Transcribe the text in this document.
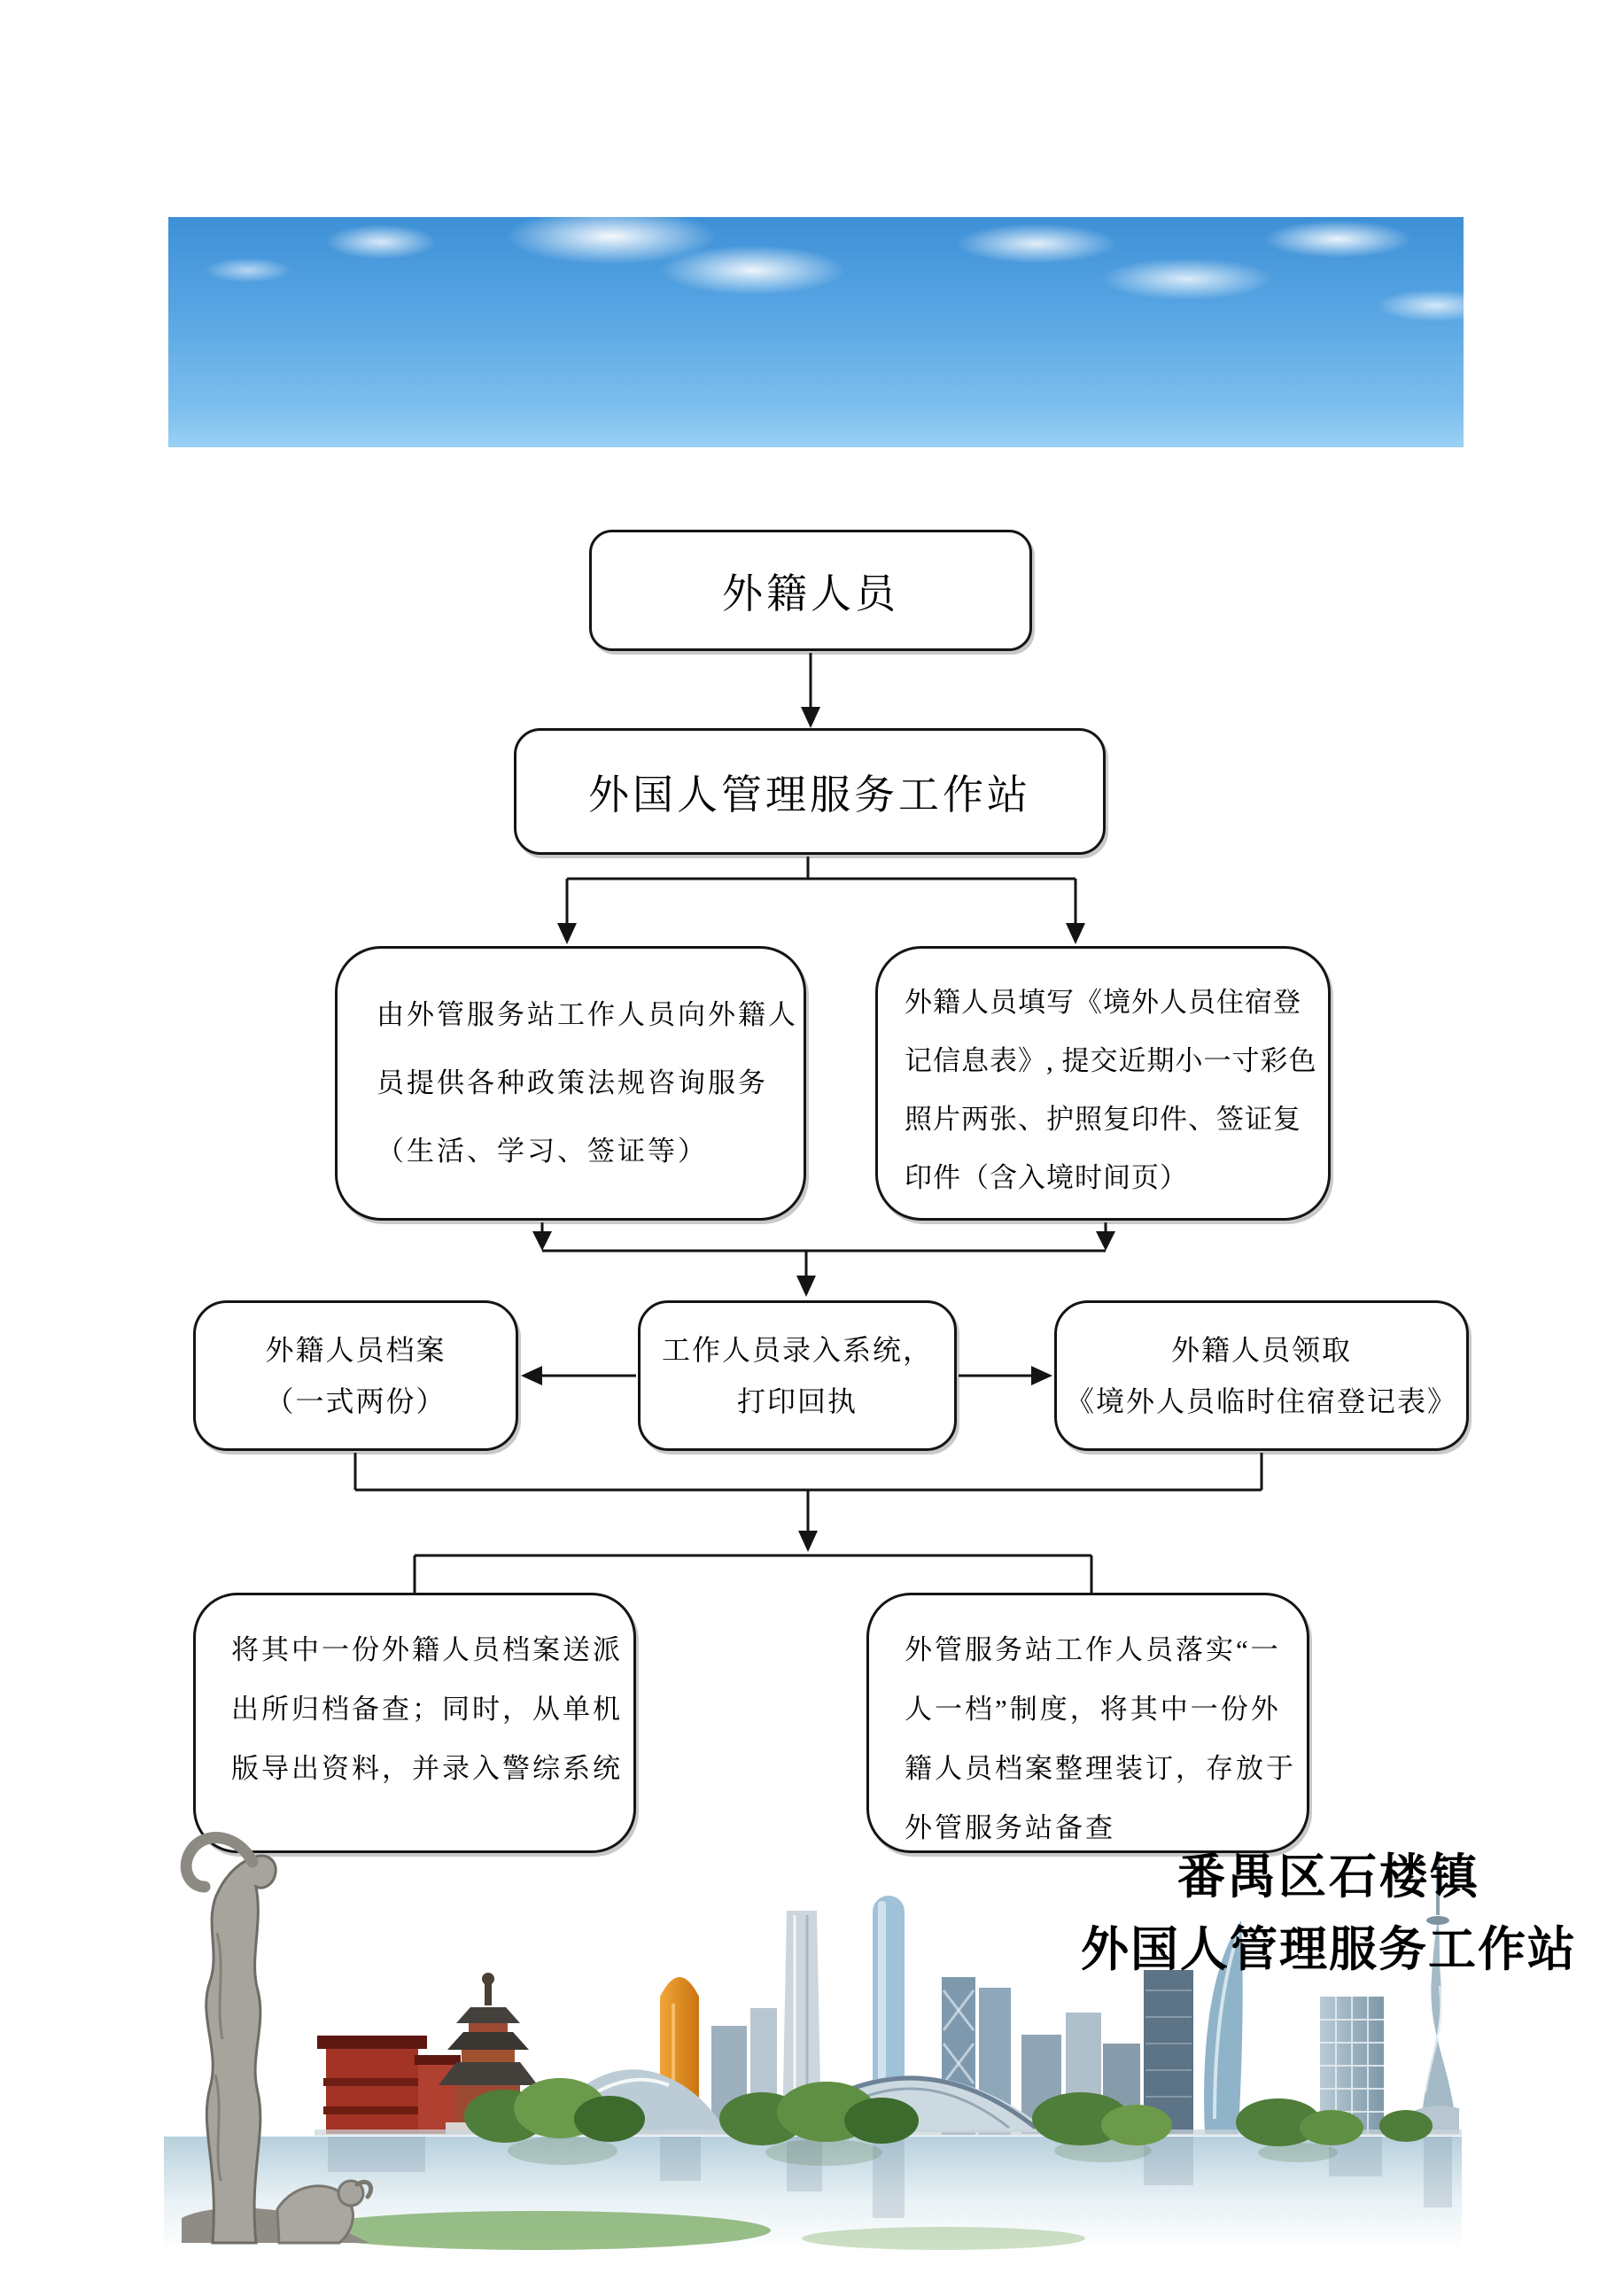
外籍人员
外国人管理服务工作站
由外管服务站工作人员向外籍人
员提供各种政策法规咨询服务
（生活、学习、签证等）
外籍人员填写《境外人员住宿登
记信息表》, 提交近期小一寸彩色
照片两张、护照复印件、签证复
印件（含入境时间页）
外籍人员档案
（一式两份）
工作人员录入系统，
打印回执
外籍人员领取
《境外人员临时住宿登记表》
将其中一份外籍人员档案送派
出所归档备查；同时，从单机
版导出资料，并录入警综系统
外管服务站工作人员落实“一
人一档”制度，将其中一份外
籍人员档案整理装订，存放于
外管服务站备查
番禺区石楼镇
外国人管理服务工作站
